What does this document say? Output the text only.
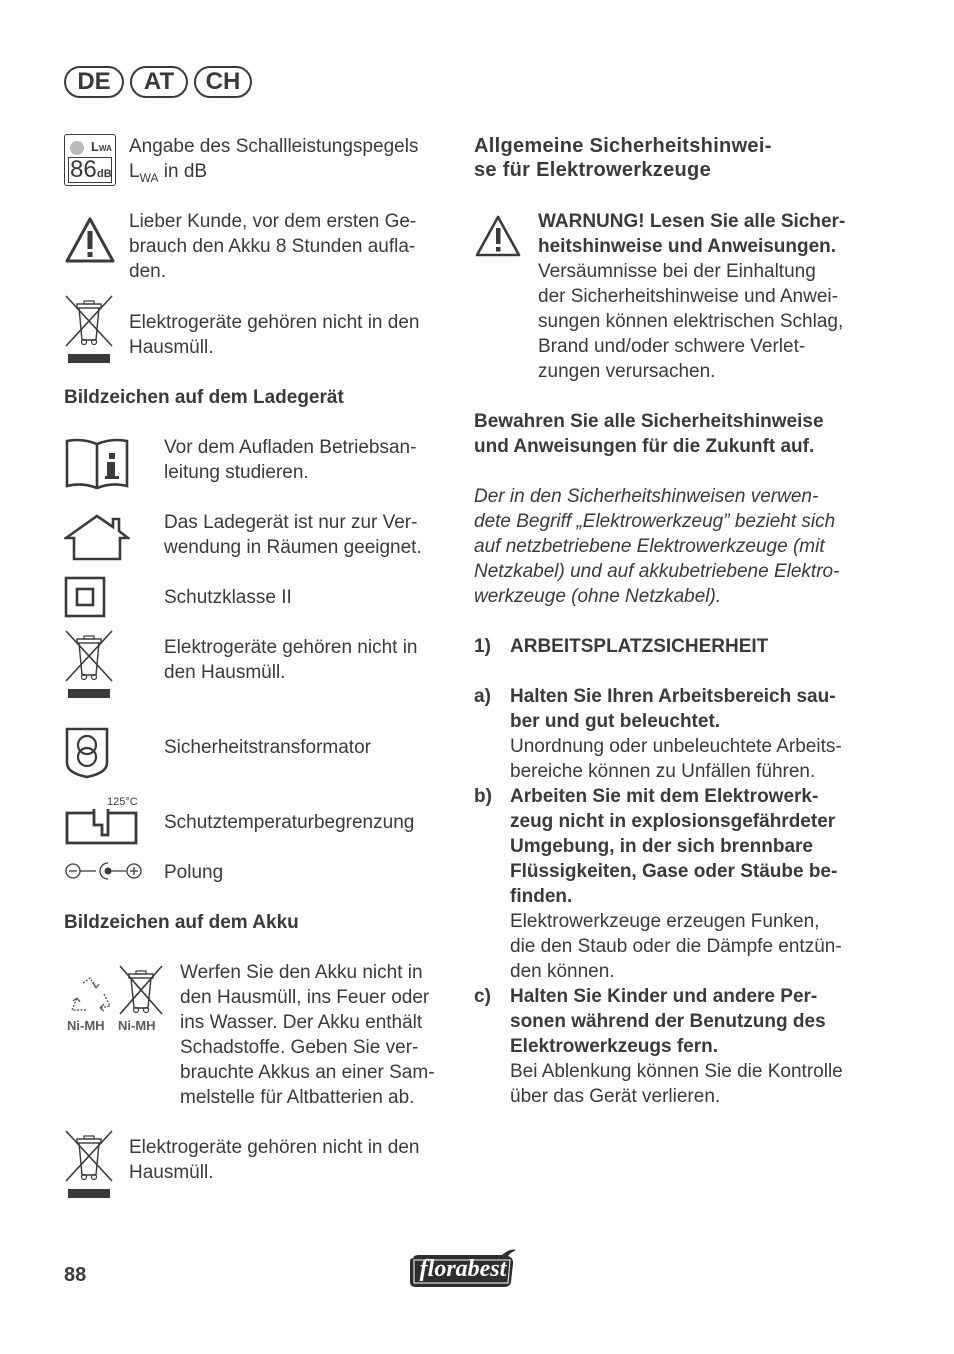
DE	AT	CH
LWA
86 dB
Angabe des Schallleistungspegels
$L_{WA}$ in dB
Lieber Kunde, vor dem ersten Ge-
brauch den Akku 8 Stunden aufla-
den.
Elektrogeräte gehören nicht in den
Hausmüll.
Bildzeichen auf dem Ladegerät
Vor dem Aufladen Betriebsan-
leitung studieren.
Das Ladegerät ist nur zur Ver-
wendung in Räumen geeignet.
Schutzklasse II
Elektrogeräte gehören nicht in
den Hausmüll.
Sicherheitstransformator
125°C
Schutztemperaturbegrenzung
Polung
Bildzeichen auf dem Akku
Ni-MH Ni-MH
Werfen Sie den Akku nicht in
den Hausmüll, ins Feuer oder
ins Wasser. Der Akku enthält
Schadstoffe. Geben Sie ver-
brauchte Akkus an einer Sam-
melstelle für Altbatterien ab.
Elektrogeräte gehören nicht in den
Hausmüll.
Allgemeine Sicherheitshinwei-
se für Elektrowerkzeuge
WARNUNG! Lesen Sie alle Sicher-
heitshinweise und Anweisungen.
Versäumnisse bei der Einhaltung
der Sicherheitshinweise und Anwei-
sungen können elektrischen Schlag,
Brand und/oder schwere Verlet-
zungen verursachen.
Bewahren Sie alle Sicherheitshinweise
und Anweisungen für die Zukunft auf.
Der in den Sicherheitshinweisen verwen-
dete Begriff „Elektrowerkzeug” bezieht sich
auf netzbetriebene Elektrowerkzeuge (mit
Netzkabel) und auf akkubetriebene Elektro-
werkzeuge (ohne Netzkabel).
1) ARBEITSPLATZSICHERHEIT
a) Halten Sie Ihren Arbeitsbereich sau-
ber und gut beleuchtet.
Unordnung oder unbeleuchtete Arbeits-
bereiche können zu Unfällen führen.
b) Arbeiten Sie mit dem Elektrowerk-
zeug nicht in explosionsgefährdeter
Umgebung, in der sich brennbare
Flüssigkeiten, Gase oder Stäube be-
finden.
Elektrowerkzeuge erzeugen Funken,
die den Staub oder die Dämpfe entzün-
den können.
c) Halten Sie Kinder und andere Per-
sonen während der Benutzung des
Elektrowerkzeugs fern.
Bei Ablenkung können Sie die Kontrolle
über das Gerät verlieren.
88	florabest
